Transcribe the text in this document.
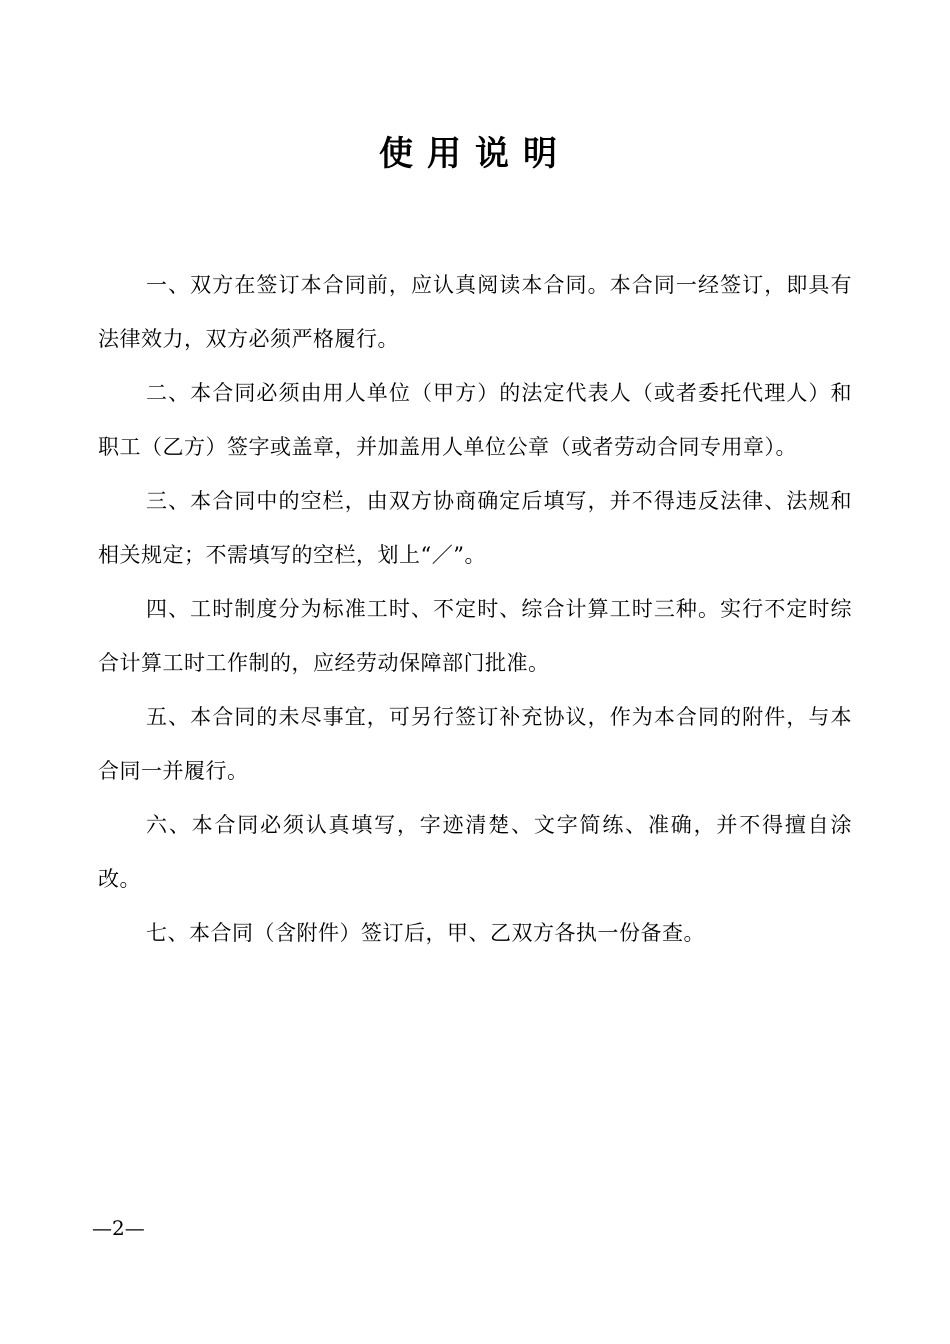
使用说明

一、双方在签订本合同前，应认真阅读本合同。本合同一经签订，即具有法律效力，双方必须严格履行。

二、本合同必须由用人单位（甲方）的法定代表人（或者委托代理人）和职工（乙方）签字或盖章，并加盖用人单位公章（或者劳动合同专用章）。

三、本合同中的空栏，由双方协商确定后填写，并不得违反法律、法规和相关规定；不需填写的空栏，划上“／”。

四、工时制度分为标准工时、不定时、综合计算工时三种。实行不定时综合计算工时工作制的，应经劳动保障部门批准。

五、本合同的未尽事宜，可另行签订补充协议，作为本合同的附件，与本合同一并履行。

六、本合同必须认真填写，字迹清楚、文字简练、准确，并不得擅自涂改。

七、本合同（含附件）签订后，甲、乙双方各执一份备查。

—2—
